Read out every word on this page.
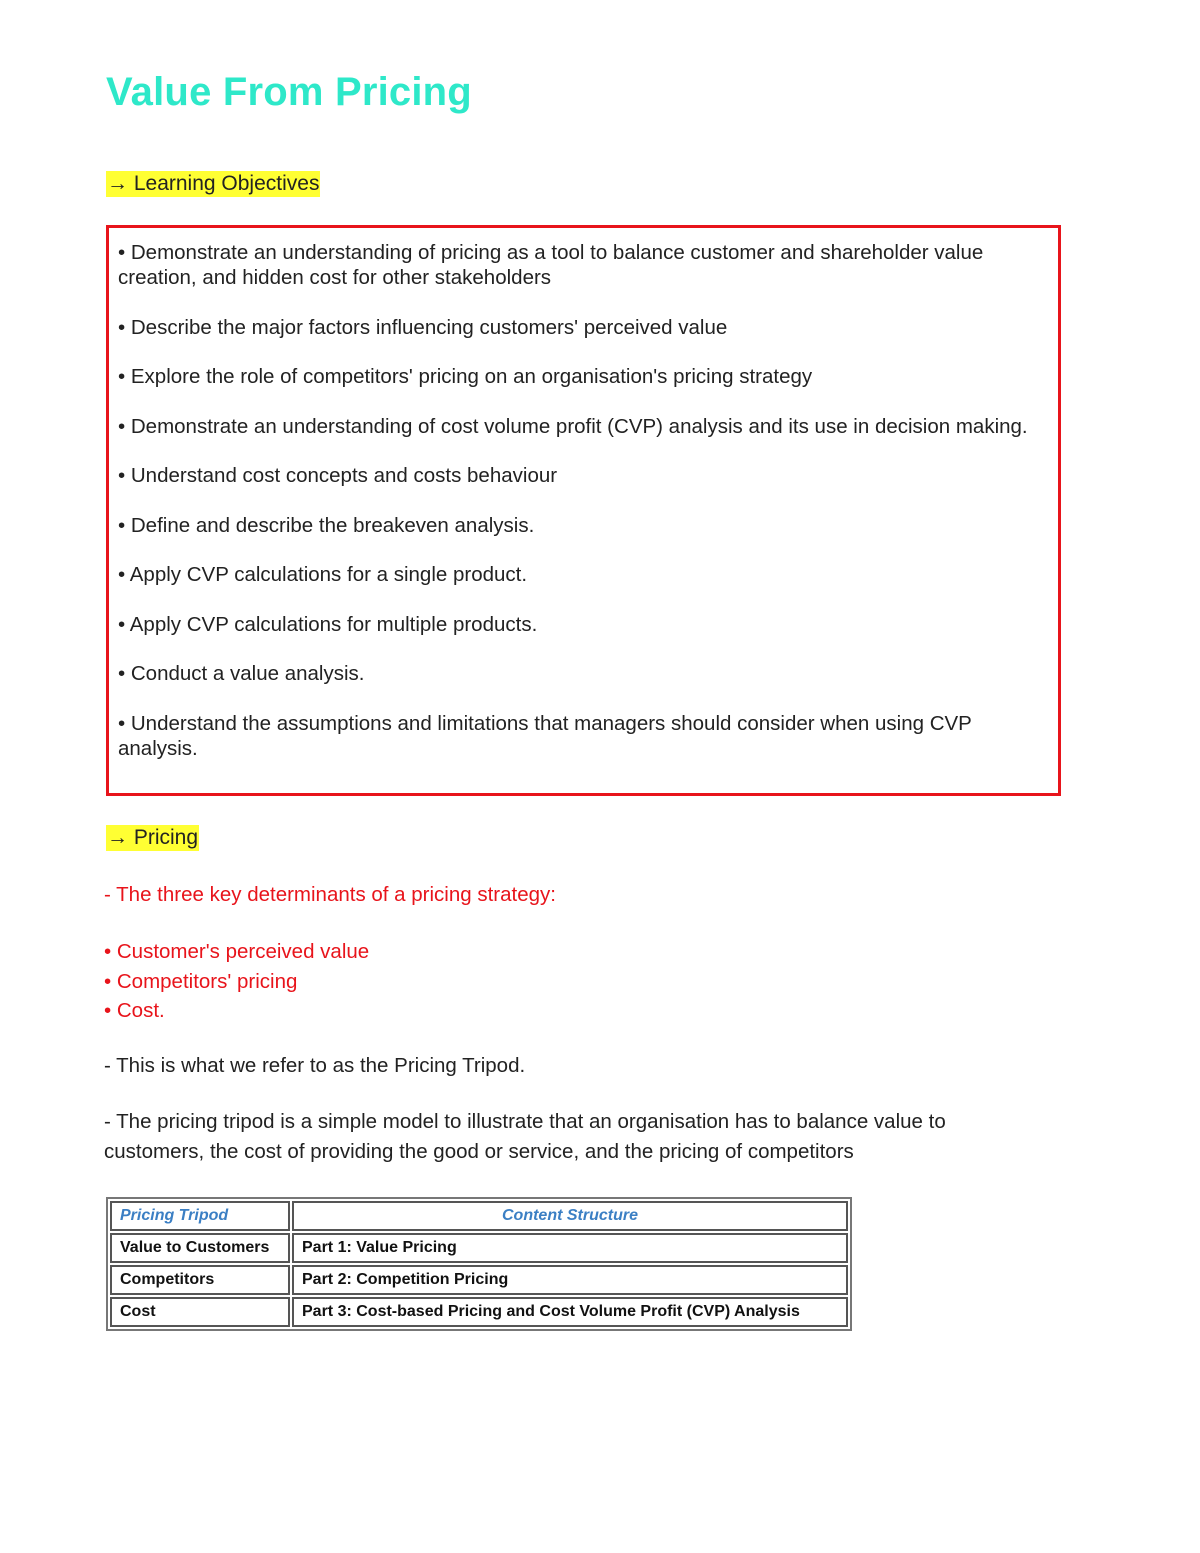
Value From Pricing
→ Learning Objectives
• Demonstrate an understanding of pricing as a tool to balance customer and shareholder value creation, and hidden cost for other stakeholders
• Describe the major factors influencing customers' perceived value
• Explore the role of competitors' pricing on an organisation's pricing strategy
• Demonstrate an understanding of cost volume profit (CVP) analysis and its use in decision making.
• Understand cost concepts and costs behaviour
• Define and describe the breakeven analysis.
• Apply CVP calculations for a single product.
• Apply CVP calculations for multiple products.
• Conduct a value analysis.
• Understand the assumptions and limitations that managers should consider when using CVP analysis.
→ Pricing
- The three key determinants of a pricing strategy:
• Customer's perceived value
• Competitors' pricing
• Cost.
- This is what we refer to as the Pricing Tripod.
- The pricing tripod is a simple model to illustrate that an organisation has to balance value to customers, the cost of providing the good or service, and the pricing of competitors
Pricing Tripod	Content Structure
Value to Customers	Part 1: Value Pricing
Competitors	Part 2: Competition Pricing
Cost	Part 3: Cost-based Pricing and Cost Volume Profit (CVP) Analysis
